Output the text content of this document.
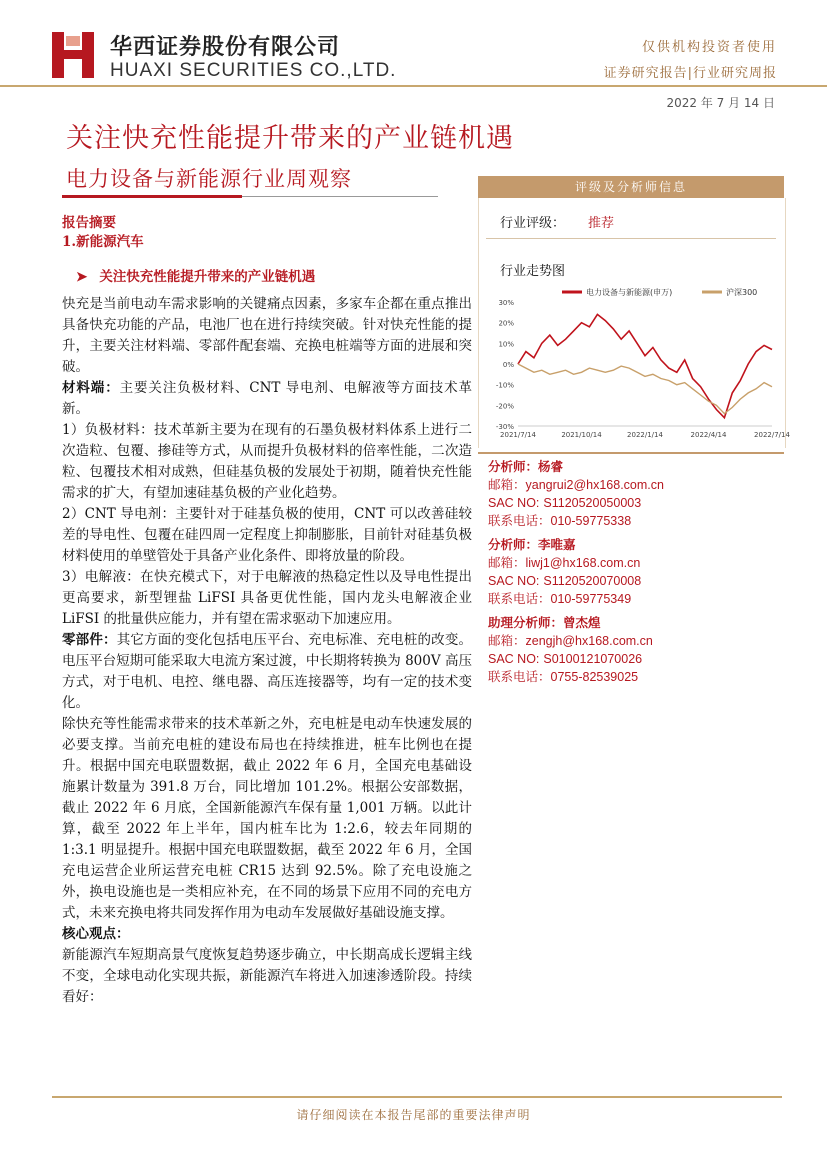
华西证券股份有限公司
HUAXI SECURITIES CO.,LTD.
仅供机构投资者使用
证券研究报告|行业研究周报
2022 年 7 月 14 日
关注快充性能提升带来的产业链机遇
电力设备与新能源行业周观察
报告摘要
1.新能源汽车
➤ 关注快充性能提升带来的产业链机遇

快充是当前电动车需求影响的关键痛点因素，多家车企都在重点推出具备快充功能的产品，电池厂也在进行持续突破。针对快充性能的提升，主要关注材料端、零部件配套端、充换电桩端等方面的进展和突破。

材料端：主要关注负极材料、CNT 导电剂、电解液等方面技术革新。

1）负极材料：技术革新主要为在现有的石墨负极材料体系上进行二次造粒、包覆、掺硅等方式，从而提升负极材料的倍率性能，二次造粒、包覆技术相对成熟，但硅基负极的发展处于初期，随着快充性能需求的扩大，有望加速硅基负极的产业化趋势。

2）CNT 导电剂：主要针对于硅基负极的使用，CNT 可以改善硅较差的导电性、包覆在硅四周一定程度上抑制膨胀，目前针对硅基负极材料使用的单壁管处于具备产业化条件、即将放量的阶段。

3）电解液：在快充模式下，对于电解液的热稳定性以及导电性提出更高要求，新型锂盐 LiFSI 具备更优性能，国内龙头电解液企业 LiFSI 的批量供应能力，并有望在需求驱动下加速应用。

零部件：其它方面的变化包括电压平台、充电标准、充电桩的改变。电压平台短期可能采取大电流方案过渡，中长期将转换为 800V 高压方式，对于电机、电控、继电器、高压连接器等，均有一定的技术变化。

除快充等性能需求带来的技术革新之外，充电桩是电动车快速发展的必要支撑。当前充电桩的建设布局也在持续推进，桩车比例也在提升。根据中国充电联盟数据，截止 2022 年 6 月，全国充电基础设施累计数量为 391.8 万台，同比增加 101.2%。根据公安部数据，截止 2022 年 6 月底，全国新能源汽车保有量 1,001 万辆。以此计算，截至 2022 年上半年，国内桩车比为 1:2.6，较去年同期的 1:3.1 明显提升。根据中国充电联盟数据，截至 2022 年 6 月，全国充电运营企业所运营充电桩 CR15 达到 92.5%。除了充电设施之外，换电设施也是一类相应补充，在不同的场景下应用不同的充电方式，未来充换电将共同发挥作用为电动车发展做好基础设施支撑。

核心观点：

新能源汽车短期高景气度恢复趋势逐步确立，中长期高成长逻辑主线不变，全球电动化实现共振，新能源汽车将进入加速渗透阶段。持续看好：

评级及分析师信息
行业评级： 推荐
行业走势图
电力设备与新能源(申万)	沪深300
30%
20%
10%
0%
-10%
-20%
-30%
2021/7/14	2021/10/14	2022/1/14	2022/4/14	2022/7/14
分析师：杨睿
邮箱：yangrui2@hx168.com.cn
SAC NO: S1120520050003
联系电话：010-59775338
分析师：李唯嘉
邮箱：liwj1@hx168.com.cn
SAC NO: S1120520070008
联系电话：010-59775349
助理分析师：曾杰煌
邮箱：zengjh@hx168.com.cn
SAC NO: S0100121070026
联系电话：0755-82539025
请仔细阅读在本报告尾部的重要法律声明
